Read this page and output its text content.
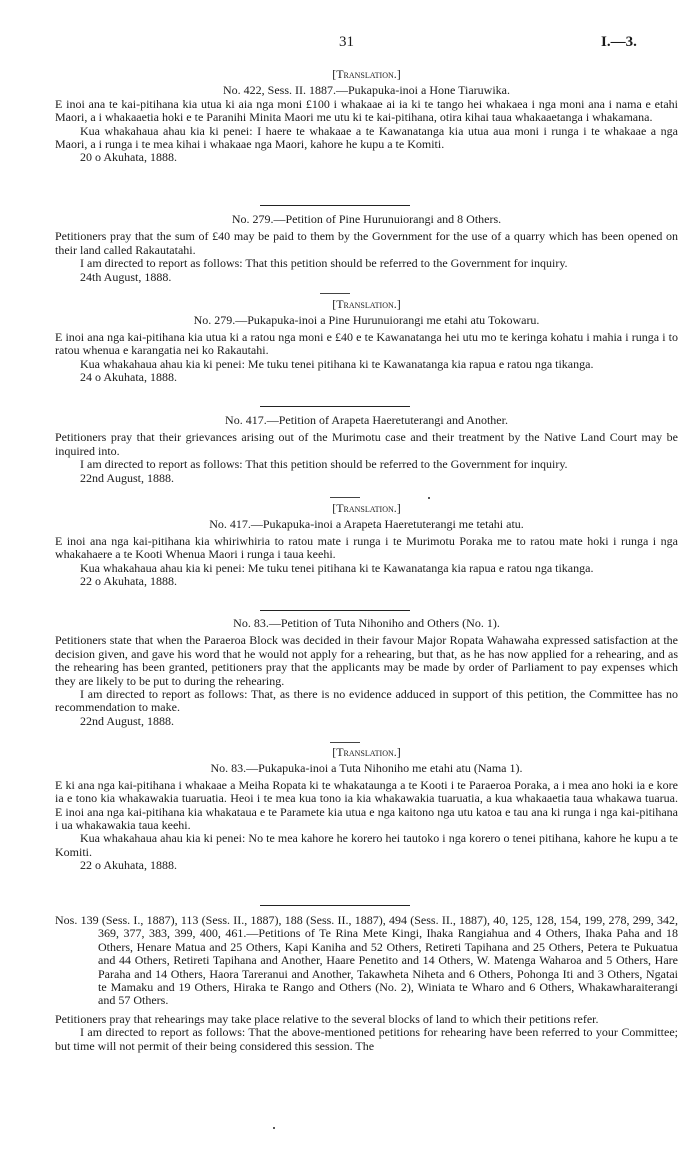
31	I.—3.

[Translation.]

No. 422, Sess. II. 1887.—Pukapuka-inoi a Hone Tiaruwika.

E inoi ana te kai-pitihana kia utua ki aia nga moni £100 i whakaae ai ia ki te tango hei whakaea i nga moni ana i nama e etahi Maori, a i whakaaetia hoki e te Paranihi Minita Maori me utu ki te kai-pitihana, otira kihai taua whakaaetanga i whakamana.

Kua whakahaua ahau kia ki penei: I haere te whakaae a te Kawanatanga kia utua aua moni i runga i te whakaae a nga Maori, a i runga i te mea kihai i whakaae nga Maori, kahore he kupu a te Komiti.

20 o Akuhata, 1888.

No. 279.—Petition of Pine Hurunuiorangi and 8 Others.

Petitioners pray that the sum of £40 may be paid to them by the Government for the use of a quarry which has been opened on their land called Rakautatahi.

I am directed to report as follows: That this petition should be referred to the Government for inquiry.

24th August, 1888.

[Translation.]

No. 279.—Pukapuka-inoi a Pine Hurunuiorangi me etahi atu Tokowaru.

E inoi ana nga kai-pitihana kia utua ki a ratou nga moni e £40 e te Kawanatanga hei utu mo te keringa kohatu i mahia i runga i to ratou whenua e karangatia nei ko Rakautahi.

Kua whakahaua ahau kia ki penei: Me tuku tenei pitihana ki te Kawanatanga kia rapua e ratou nga tikanga.

24 o Akuhata, 1888.

No. 417.—Petition of Arapeta Haeretuterangi and Another.

Petitioners pray that their grievances arising out of the Murimotu case and their treatment by the Native Land Court may be inquired into.

I am directed to report as follows: That this petition should be referred to the Government for inquiry.

22nd August, 1888.

[Translation.]

No. 417.—Pukapuka-inoi a Arapeta Haeretuterangi me tetahi atu.

E inoi ana nga kai-pitihana kia whiriwhiria to ratou mate i runga i te Murimotu Poraka me to ratou mate hoki i runga i nga whakahaere a te Kooti Whenua Maori i runga i taua keehi.

Kua whakahaua ahau kia ki penei: Me tuku tenei pitihana ki te Kawanatanga kia rapua e ratou nga tikanga.

22 o Akuhata, 1888.

No. 83.—Petition of Tuta Nihoniho and Others (No. 1).

Petitioners state that when the Paraeroa Block was decided in their favour Major Ropata Wahawaha expressed satisfaction at the decision given, and gave his word that he would not apply for a rehearing, but that, as he has now applied for a rehearing, and as the rehearing has been granted, petitioners pray that the applicants may be made by order of Parliament to pay expenses which they are likely to be put to during the rehearing.

I am directed to report as follows: That, as there is no evidence adduced in support of this petition, the Committee has no recommendation to make.

22nd August, 1888.

[Translation.]

No. 83.—Pukapuka-inoi a Tuta Nihoniho me etahi atu (Nama 1).

E ki ana nga kai-pitihana i whakaae a Meiha Ropata ki te whakataunga a te Kooti i te Paraeroa Poraka, a i mea ano hoki ia e kore ia e tono kia whakawakia tuaruatia. Heoi i te mea kua tono ia kia whakawakia tuaruatia, a kua whakaaetia taua whakawa tuarua. E inoi ana nga kai-pitihana kia whakataua e te Paramete kia utua e nga kaitono nga utu katoa e tau ana ki runga i nga kai-pitihana i ua whakawakia taua keehi.

Kua whakahaua ahau kia ki penei: No te mea kahore he korero hei tautoko i nga korero o tenei pitihana, kahore he kupu a te Komiti.

22 o Akuhata, 1888.

Nos. 139 (Sess. I., 1887), 113 (Sess. II., 1887), 188 (Sess. II., 1887), 494 (Sess. II., 1887), 40, 125, 128, 154, 199, 278, 299, 342, 369, 377, 383, 399, 400, 461.—Petitions of Te Rina Mete Kingi, Ihaka Rangiahua and 4 Others, Ihaka Paha and 18 Others, Henare Matua and 25 Others, Kapi Kaniha and 52 Others, Retireti Tapihana and 25 Others, Petera te Pukuatua and 44 Others, Retireti Tapihana and Another, Haare Penetito and 14 Others, W. Matenga Waharoa and 5 Others, Hare Paraha and 14 Others, Haora Tareranui and Another, Takawheta Niheta and 6 Others, Pohonga Iti and 3 Others, Ngatai te Mamaku and 19 Others, Hiraka te Rango and Others (No. 2), Winiata te Wharo and 6 Others, Whakawharaiterangi and 57 Others.

Petitioners pray that rehearings may take place relative to the several blocks of land to which their petitions refer.

I am directed to report as follows: That the above-mentioned petitions for rehearing have been referred to your Committee; but time will not permit of their being considered this session. The
